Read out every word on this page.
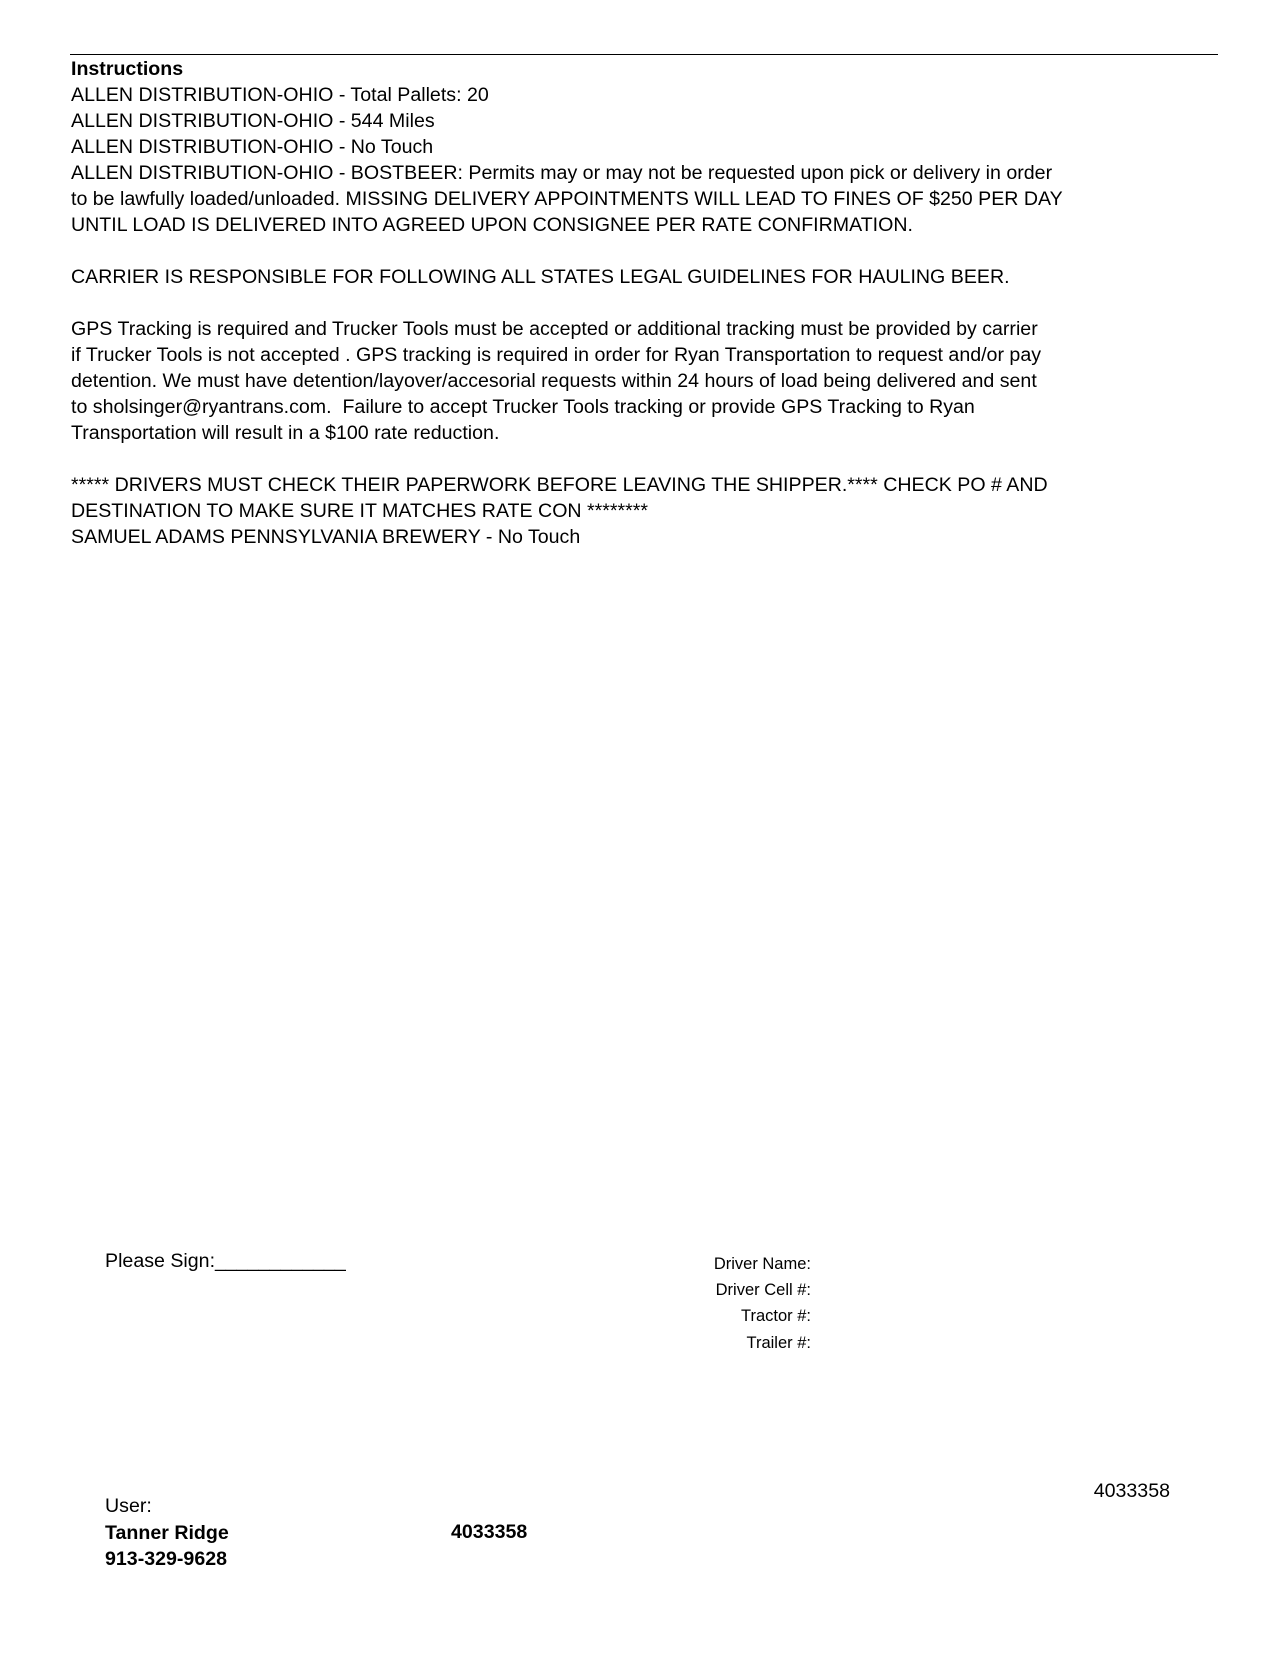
Instructions
ALLEN DISTRIBUTION-OHIO - Total Pallets: 20
ALLEN DISTRIBUTION-OHIO - 544 Miles
ALLEN DISTRIBUTION-OHIO - No Touch
ALLEN DISTRIBUTION-OHIO - BOSTBEER: Permits may or may not be requested upon pick or delivery in order
to be lawfully loaded/unloaded. MISSING DELIVERY APPOINTMENTS WILL LEAD TO FINES OF $250 PER DAY
UNTIL LOAD IS DELIVERED INTO AGREED UPON CONSIGNEE PER RATE CONFIRMATION.
CARRIER IS RESPONSIBLE FOR FOLLOWING ALL STATES LEGAL GUIDELINES FOR HAULING BEER.
GPS Tracking is required and Trucker Tools must be accepted or additional tracking must be provided by carrier
if Trucker Tools is not accepted . GPS tracking is required in order for Ryan Transportation to request and/or pay
detention. We must have detention/layover/accesorial requests within 24 hours of load being delivered and sent
to sholsinger@ryantrans.com.  Failure to accept Trucker Tools tracking or provide GPS Tracking to Ryan
Transportation will result in a $100 rate reduction.
***** DRIVERS MUST CHECK THEIR PAPERWORK BEFORE LEAVING THE SHIPPER.**** CHECK PO # AND
DESTINATION TO MAKE SURE IT MATCHES RATE CON ********
SAMUEL ADAMS PENNSYLVANIA BREWERY - No Touch
Please Sign:____________	Driver Name:
Driver Cell #:
Tractor #:
Trailer #:
4033358
User:
Tanner Ridge
913-329-9628
4033358
